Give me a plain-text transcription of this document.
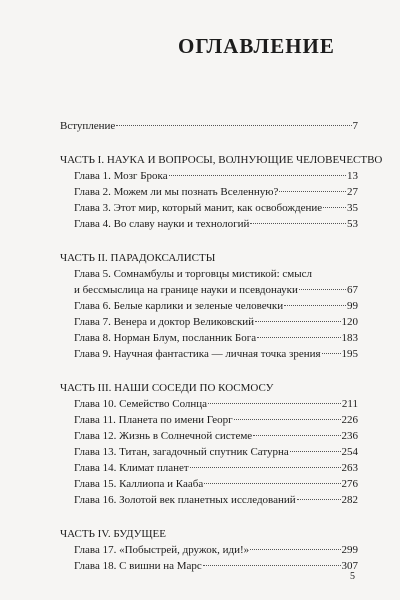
ОГЛАВЛЕНИЕ
Вступление	7
ЧАСТЬ I. НАУКА И ВОПРОСЫ, ВОЛНУЮЩИЕ ЧЕЛОВЕЧЕСТВО
Глава 1. Мозг Брока	13
Глава 2. Можем ли мы познать Вселенную?	27
Глава 3. Этот мир, который манит, как освобождение 35
Глава 4. Во славу науки и технологий	53
ЧАСТЬ II. ПАРАДОКСАЛИСТЫ
Глава 5. Сомнамбулы и торговцы мистикой: смысл
и бессмыслица на границе науки и псевдонауки	67
Глава 6. Белые карлики и зеленые человечки	99
Глава 7. Венера и доктор Великовский	120
Глава 8. Норман Блум, посланник Бога	183
Глава 9. Научная фантастика — личная точка зрения 195
ЧАСТЬ III. НАШИ СОСЕДИ ПО КОСМОСУ
Глава 10. Семейство Солнца	211
Глава 11. Планета по имени Георг	226
Глава 12. Жизнь в Солнечной системе	236
Глава 13. Титан, загадочный спутник Сатурна	254
Глава 14. Климат планет	263
Глава 15. Каллиопа и Кааба	276
Глава 16. Золотой век планетных исследований	282
ЧАСТЬ IV. БУДУЩЕЕ
Глава 17. «Побыстрей, дружок, иди!»	299
Глава 18. С вишни на Марс	307
5
